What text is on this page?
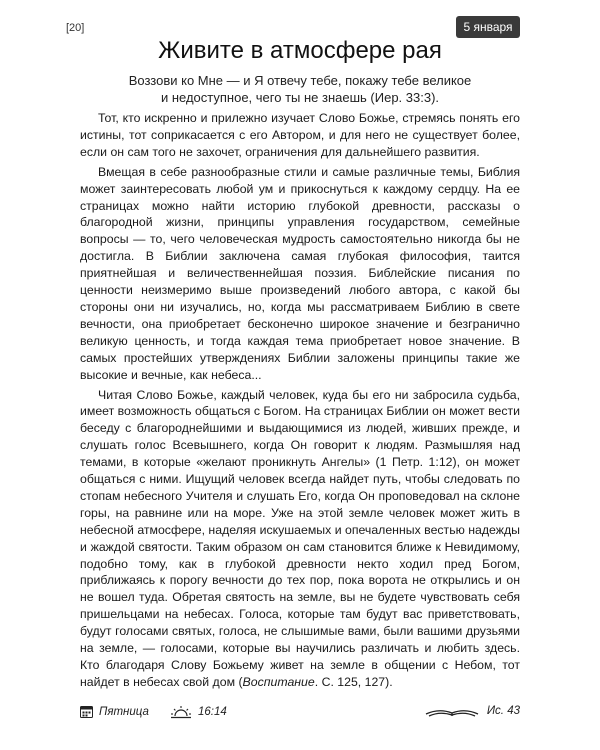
[20]	5 января
Живите в атмосфере рая
Воззови ко Мне — и Я отвечу тебе, покажу тебе великое
и недоступное, чего ты не знаешь (Иер. 33:3).

Тот, кто искренно и прилежно изучает Слово Божье, стремясь понять его истины, тот соприкасается с его Автором, и для него не существует более, если он сам того не захочет, ограничения для дальнейшего развития.

Вмещая в себе разнообразные стили и самые различные темы, Библия может заинтересовать любой ум и прикоснуться к каждому сердцу. На ее страницах можно найти историю глубокой древности, рассказы о благородной жизни, принципы управления государством, семейные вопросы — то, чего человеческая мудрость самостоятельно никогда бы не достигла. В Библии заключена самая глубокая философия, таится приятнейшая и величественнейшая поэзия. Библейские писания по ценности неизмеримо выше произведений любого автора, с какой бы стороны они ни изучались, но, когда мы рассматриваем Библию в свете вечности, она приобретает бесконечно широкое значение и безгранично великую ценность, и тогда каждая тема приобретает новое значение. В самых простейших утверждениях Библии заложены принципы такие же высокие и вечные, как небеса...

Читая Слово Божье, каждый человек, куда бы его ни забросила судьба, имеет возможность общаться с Богом. На страницах Библии он может вести беседу с благороднейшими и выдающимися из людей, живших прежде, и слушать голос Всевышнего, когда Он говорит к людям. Размышляя над темами, в которые «желают проникнуть Ангелы» (1 Петр. 1:12), он может общаться с ними. Ищущий человек всегда найдет путь, чтобы следовать по стопам небесного Учителя и слушать Его, когда Он проповедовал на склоне горы, на равнине или на море. Уже на этой земле человек может жить в небесной атмосфере, наделяя искушаемых и опечаленных вестью надежды и жаждой святости. Таким образом он сам становится ближе к Невидимому, подобно тому, как в глубокой древности некто ходил пред Богом, приближаясь к порогу вечности до тех пор, пока ворота не открылись и он не вошел туда. Обретая святость на земле, вы не будете чувствовать себя пришельцами на небесах. Голоса, которые там будут вас приветствовать, будут голосами святых, голоса, не слышимые вами, были вашими друзьями на земле, — голосами, которые вы научились различать и любить здесь. Кто благодаря Слову Божьему живет на земле в общении с Небом, тот найдет в небесах свой дом (Воспитание. С. 125, 127).

Пятница	16:14	Ис. 43
